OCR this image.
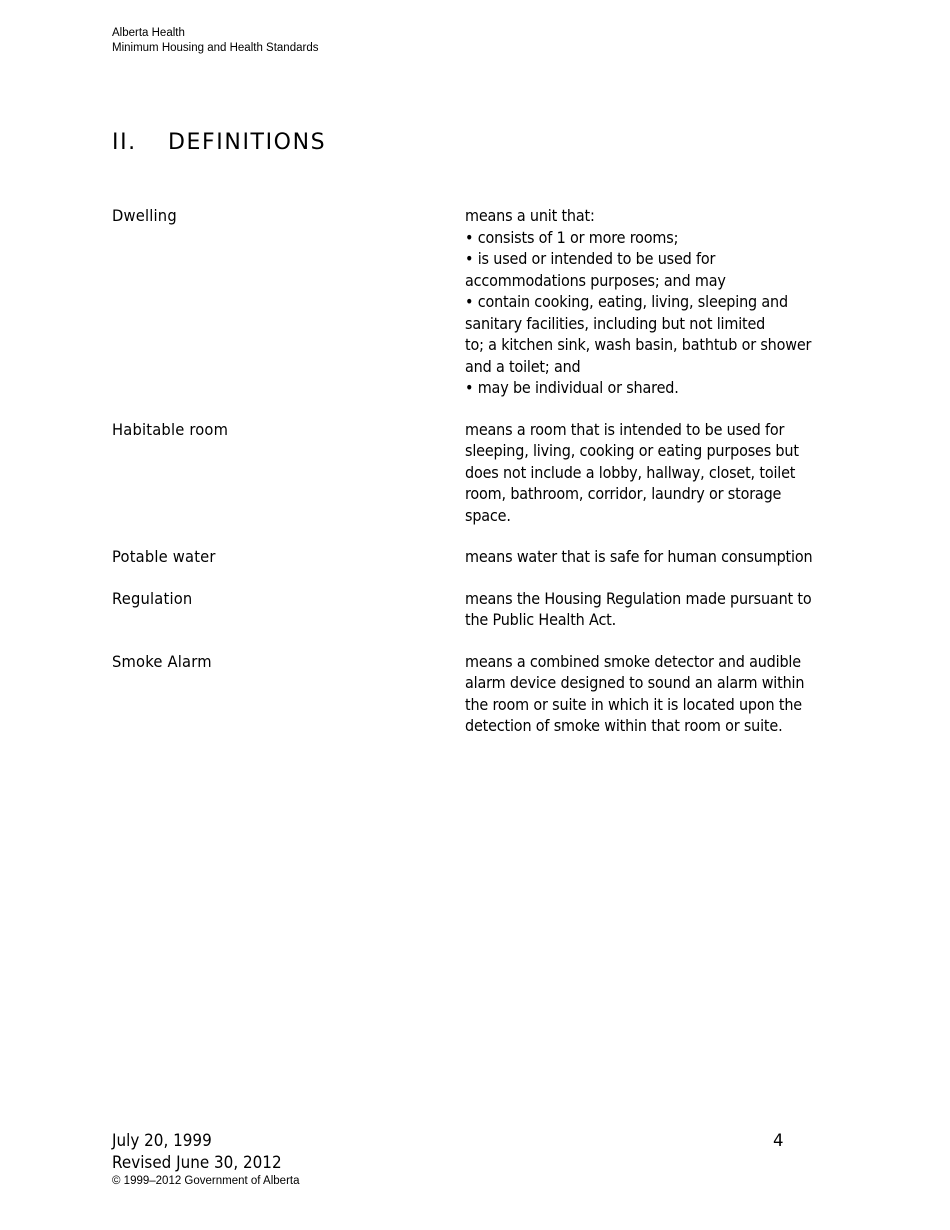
Alberta Health
Minimum Housing and Health Standards
II. DEFINITIONS
Dwelling	means a unit that:
• consists of 1 or more rooms;
• is used or intended to be used for
accommodations purposes; and may
• contain cooking, eating, living, sleeping and
sanitary facilities, including but not limited
to; a kitchen sink, wash basin, bathtub or shower
and a toilet; and
• may be individual or shared.
Habitable room	means a room that is intended to be used for
sleeping, living, cooking or eating purposes but
does not include a lobby, hallway, closet, toilet
room, bathroom, corridor, laundry or storage
space.
Potable water	means water that is safe for human consumption
Regulation	means the Housing Regulation made pursuant to
the Public Health Act.
Smoke Alarm	means a combined smoke detector and audible
alarm device designed to sound an alarm within
the room or suite in which it is located upon the
detection of smoke within that room or suite.
July 20, 1999
Revised June 30, 2012
© 1999–2012 Government of Alberta
4
